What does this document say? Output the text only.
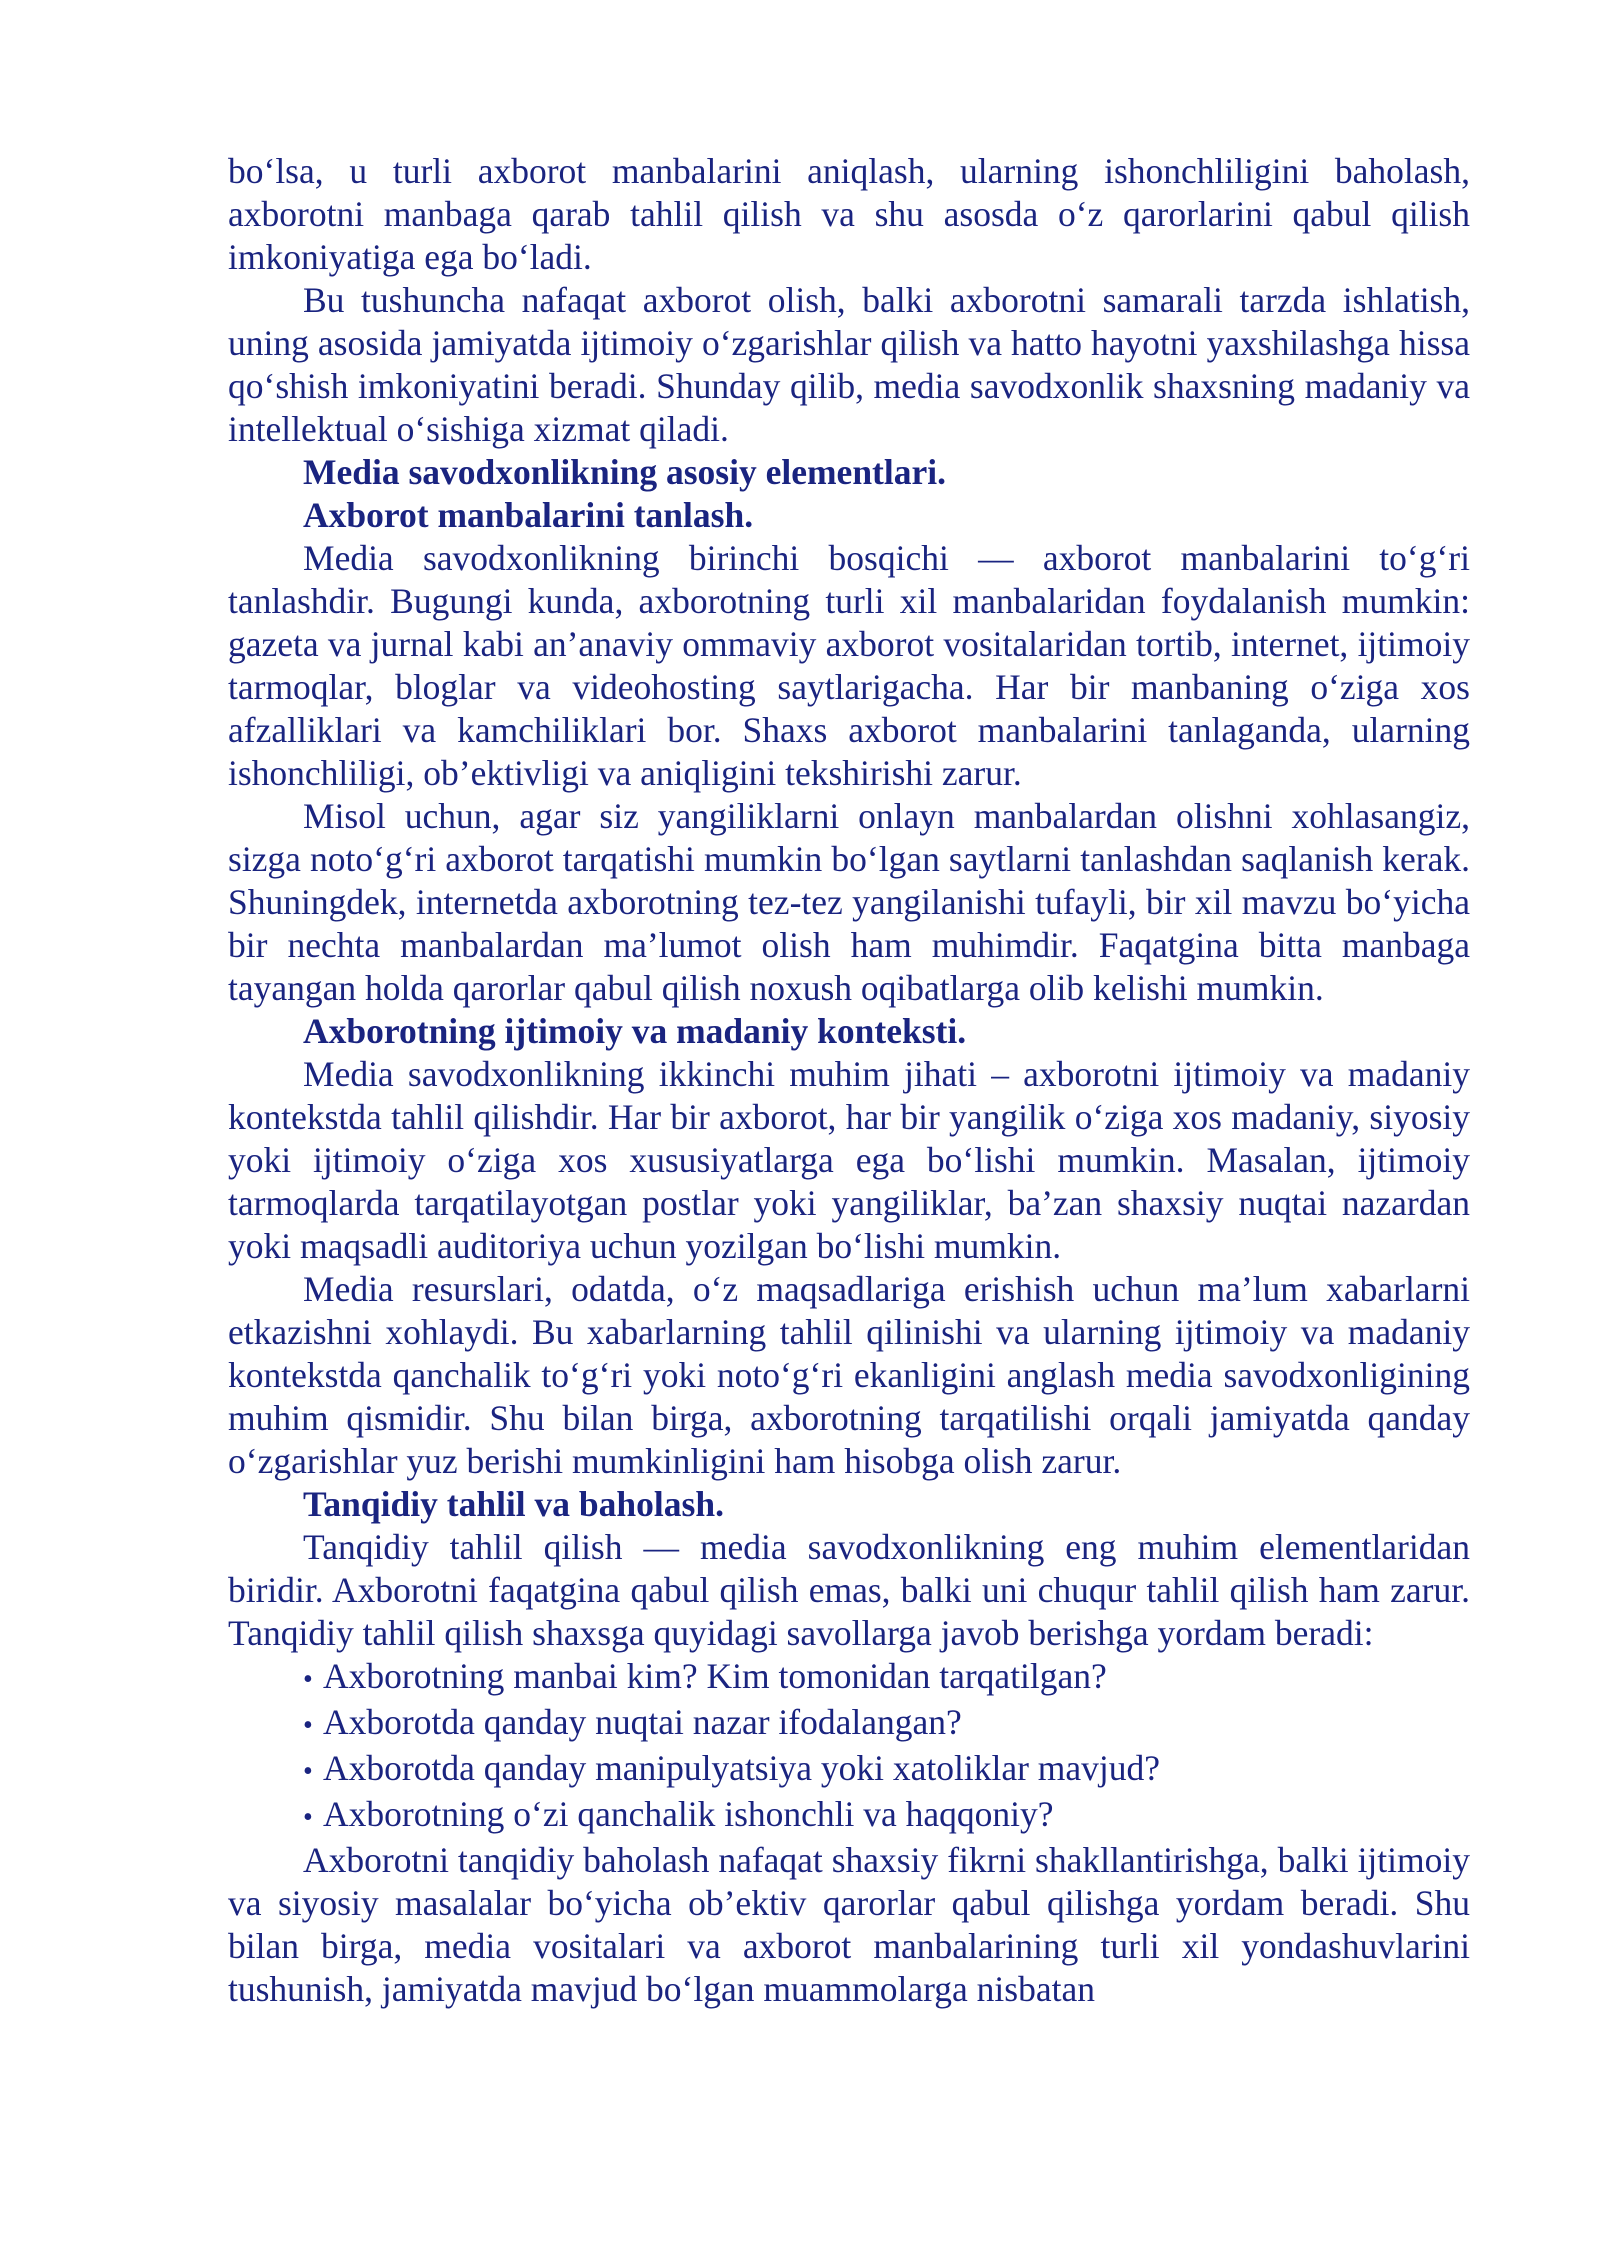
bo‘lsa, u turli axborot manbalarini aniqlash, ularning ishonchliligini baholash, axborotni manbaga qarab tahlil qilish va shu asosda o‘z qarorlarini qabul qilish imkoniyatiga ega bo‘ladi.

Bu tushuncha nafaqat axborot olish, balki axborotni samarali tarzda ishlatish, uning asosida jamiyatda ijtimoiy o‘zgarishlar qilish va hatto hayotni yaxshilashga hissa qo‘shish imkoniyatini beradi. Shunday qilib, media savodxonlik shaxsning madaniy va intellektual o‘sishiga xizmat qiladi.

Media savodxonlikning asosiy elementlari.

Axborot manbalarini tanlash.

Media savodxonlikning birinchi bosqichi — axborot manbalarini to‘g‘ri tanlashdir. Bugungi kunda, axborotning turli xil manbalaridan foydalanish mumkin: gazeta va jurnal kabi an’anaviy ommaviy axborot vositalaridan tortib, internet, ijtimoiy tarmoqlar, bloglar va videohosting saytlarigacha. Har bir manbaning o‘ziga xos afzalliklari va kamchiliklari bor. Shaxs axborot manbalarini tanlaganda, ularning ishonchliligi, ob’ektivligi va aniqligini tekshirishi zarur.

Misol uchun, agar siz yangiliklarni onlayn manbalardan olishni xohlasangiz, sizga noto‘g‘ri axborot tarqatishi mumkin bo‘lgan saytlarni tanlashdan saqlanish kerak. Shuningdek, internetda axborotning tez-tez yangilanishi tufayli, bir xil mavzu bo‘yicha bir nechta manbalardan ma’lumot olish ham muhimdir. Faqatgina bitta manbaga tayangan holda qarorlar qabul qilish noxush oqibatlarga olib kelishi mumkin.

Axborotning ijtimoiy va madaniy konteksti.

Media savodxonlikning ikkinchi muhim jihati – axborotni ijtimoiy va madaniy kontekstda tahlil qilishdir. Har bir axborot, har bir yangilik o‘ziga xos madaniy, siyosiy yoki ijtimoiy o‘ziga xos xususiyatlarga ega bo‘lishi mumkin. Masalan, ijtimoiy tarmoqlarda tarqatilayotgan postlar yoki yangiliklar, ba’zan shaxsiy nuqtai nazardan yoki maqsadli auditoriya uchun yozilgan bo‘lishi mumkin.

Media resurslari, odatda, o‘z maqsadlariga erishish uchun ma’lum xabarlarni etkazishni xohlaydi. Bu xabarlarning tahlil qilinishi va ularning ijtimoiy va madaniy kontekstda qanchalik to‘g‘ri yoki noto‘g‘ri ekanligini anglash media savodxonligining muhim qismidir. Shu bilan birga, axborotning tarqatilishi orqali jamiyatda qanday o‘zgarishlar yuz berishi mumkinligini ham hisobga olish zarur.

Tanqidiy tahlil va baholash.

Tanqidiy tahlil qilish — media savodxonlikning eng muhim elementlaridan biridir. Axborotni faqatgina qabul qilish emas, balki uni chuqur tahlil qilish ham zarur. Tanqidiy tahlil qilish shaxsga quyidagi savollarga javob berishga yordam beradi:

• Axborotning manbai kim? Kim tomonidan tarqatilgan?
• Axborotda qanday nuqtai nazar ifodalangan?
• Axborotda qanday manipulyatsiya yoki xatoliklar mavjud?
• Axborotning o‘zi qanchalik ishonchli va haqqoniy?

Axborotni tanqidiy baholash nafaqat shaxsiy fikrni shakllantirishga, balki ijtimoiy va siyosiy masalalar bo‘yicha ob’ektiv qarorlar qabul qilishga yordam beradi. Shu bilan birga, media vositalari va axborot manbalarining turli xil yondashuvlarini tushunish, jamiyatda mavjud bo‘lgan muammolarga nisbatan
